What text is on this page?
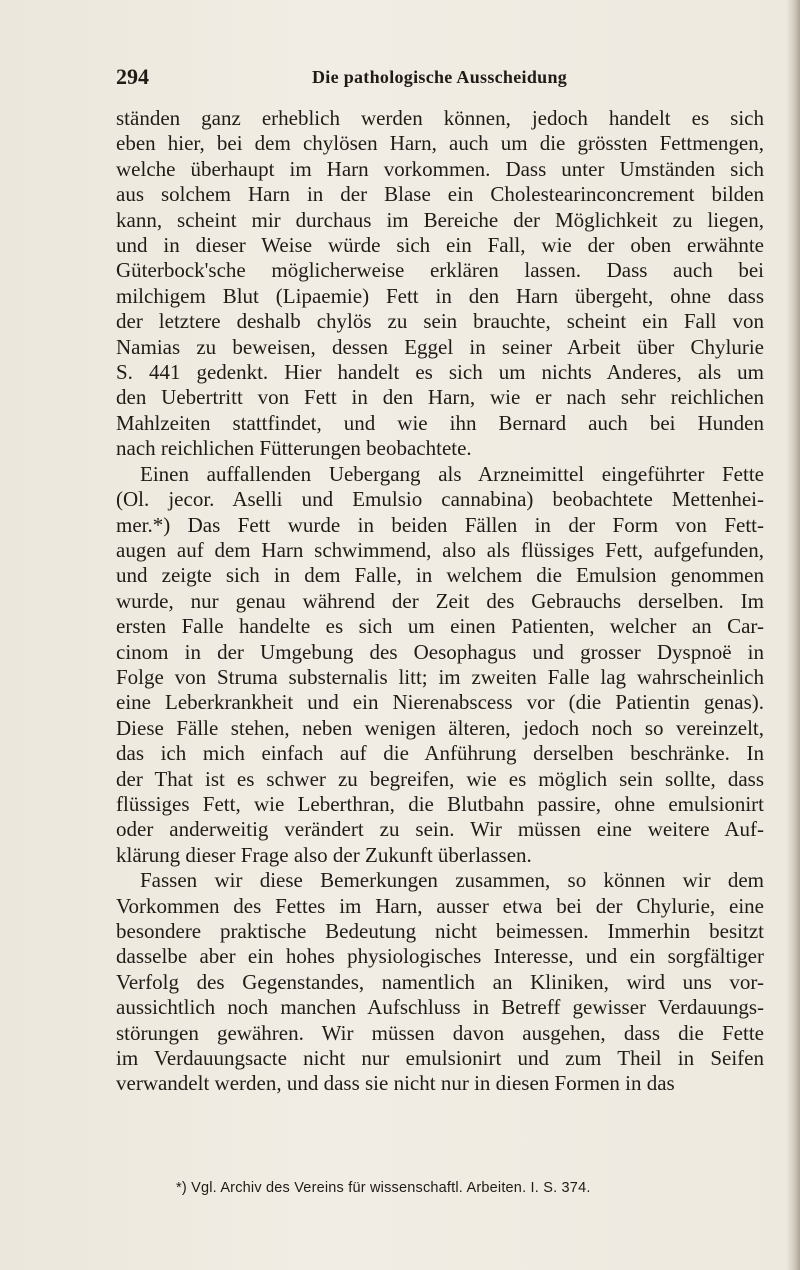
294	Die pathologische Ausscheidung
ständen ganz erheblich werden können, jedoch handelt es sich
eben hier, bei dem chylösen Harn, auch um die grössten Fettmengen,
welche überhaupt im Harn vorkommen. Dass unter Umständen sich
aus solchem Harn in der Blase ein Cholestearinconcrement bilden
kann, scheint mir durchaus im Bereiche der Möglichkeit zu liegen,
und in dieser Weise würde sich ein Fall, wie der oben erwähnte
Güterbock'sche möglicherweise erklären lassen. Dass auch bei
milchigem Blut (Lipaemie) Fett in den Harn übergeht, ohne dass
der letztere deshalb chylös zu sein brauchte, scheint ein Fall von
Namias zu beweisen, dessen Eggel in seiner Arbeit über Chylurie
S. 441 gedenkt. Hier handelt es sich um nichts Anderes, als um
den Uebertritt von Fett in den Harn, wie er nach sehr reichlichen
Mahlzeiten stattfindet, und wie ihn Bernard auch bei Hunden
nach reichlichen Fütterungen beobachtete.
Einen auffallenden Uebergang als Arzneimittel eingeführter Fette
(Ol. jecor. Aselli und Emulsio cannabina) beobachtete Mettenhei-
mer.*) Das Fett wurde in beiden Fällen in der Form von Fett-
augen auf dem Harn schwimmend, also als flüssiges Fett, aufgefunden,
und zeigte sich in dem Falle, in welchem die Emulsion genommen
wurde, nur genau während der Zeit des Gebrauchs derselben. Im
ersten Falle handelte es sich um einen Patienten, welcher an Car-
cinom in der Umgebung des Oesophagus und grosser Dyspnoë in
Folge von Struma substernalis litt; im zweiten Falle lag wahrscheinlich
eine Leberkrankheit und ein Nierenabscess vor (die Patientin genas).
Diese Fälle stehen, neben wenigen älteren, jedoch noch so vereinzelt,
das ich mich einfach auf die Anführung derselben beschränke. In
der That ist es schwer zu begreifen, wie es möglich sein sollte, dass
flüssiges Fett, wie Leberthran, die Blutbahn passire, ohne emulsionirt
oder anderweitig verändert zu sein. Wir müssen eine weitere Auf-
klärung dieser Frage also der Zukunft überlassen.
Fassen wir diese Bemerkungen zusammen, so können wir dem
Vorkommen des Fettes im Harn, ausser etwa bei der Chylurie, eine
besondere praktische Bedeutung nicht beimessen. Immerhin besitzt
dasselbe aber ein hohes physiologisches Interesse, und ein sorgfältiger
Verfolg des Gegenstandes, namentlich an Kliniken, wird uns vor-
aussichtlich noch manchen Aufschluss in Betreff gewisser Verdauungs-
störungen gewähren. Wir müssen davon ausgehen, dass die Fette
im Verdauungsacte nicht nur emulsionirt und zum Theil in Seifen
verwandelt werden, und dass sie nicht nur in diesen Formen in das
*) Vgl. Archiv des Vereins für wissenschaftl. Arbeiten. I. S. 374.
